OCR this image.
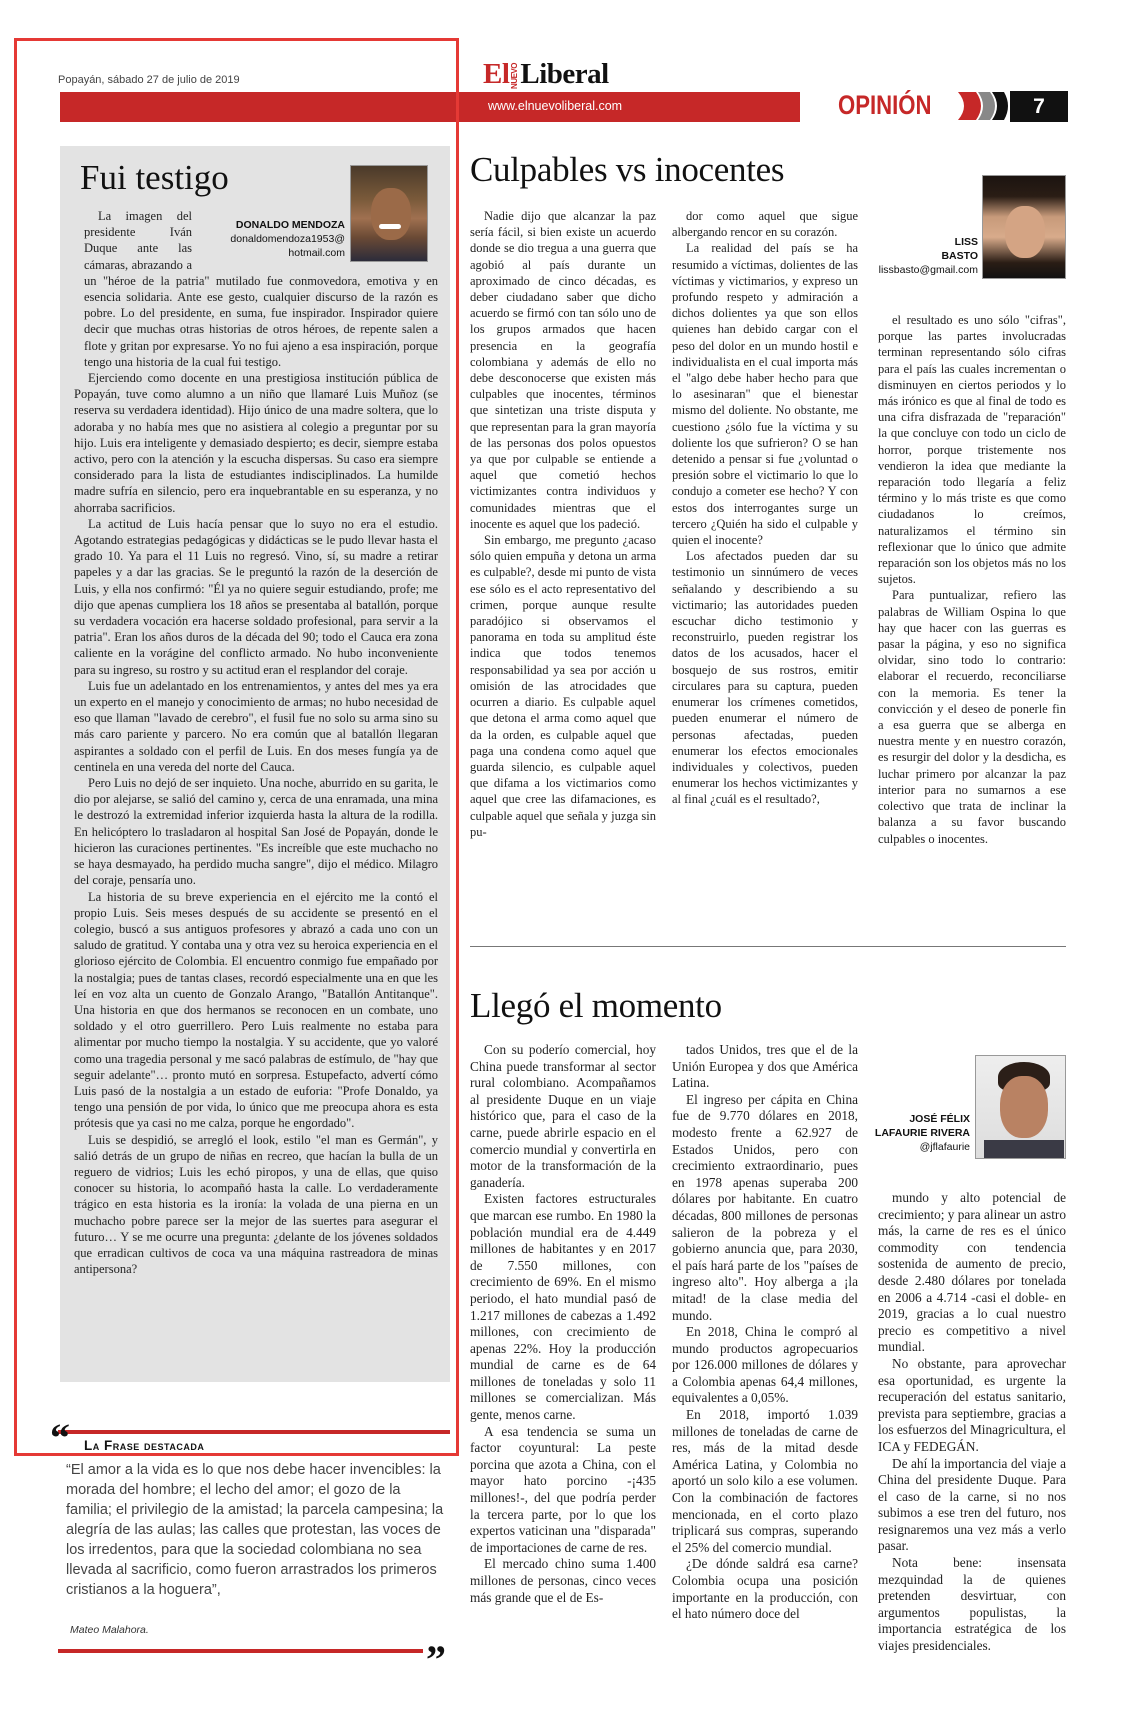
Popayán, sábado 27 de julio de 2019	ElNUEVOLiberal
www.elnuevoliberal.com	OPINIÓN	7
Fui testigo
DONALDO MENDOZA
donaldomendoza1953@ hotmail.com

La imagen del presidente Iván Duque ante las cámaras, abrazando a un "héroe de la patria" mutilado fue conmovedora, emotiva y en esencia solidaria. Ante ese gesto, cualquier discurso de la razón es pobre. Lo del presidente, en suma, fue inspirador. Inspirador quiere decir que muchas otras historias de otros héroes, de repente salen a flote y gritan por expresarse. Yo no fui ajeno a esa inspiración, porque tengo una historia de la cual fui testigo.

Ejerciendo como docente en una prestigiosa institución pública de Popayán, tuve como alumno a un niño que llamaré Luis Muñoz (se reserva su verdadera identidad). Hijo único de una madre soltera, que lo adoraba y no había mes que no asistiera al colegio a preguntar por su hijo. Luis era inteligente y demasiado despierto; es decir, siempre estaba activo, pero con la atención y la escucha dispersas. Su caso era siempre considerado para la lista de estudiantes indisciplinados. La humilde madre sufría en silencio, pero era inquebrantable en su esperanza, y no ahorraba sacrificios.

La actitud de Luis hacía pensar que lo suyo no era el estudio. Agotando estrategias pedagógicas y didácticas se le pudo llevar hasta el grado 10. Ya para el 11 Luis no regresó. Vino, sí, su madre a retirar papeles y a dar las gracias. Se le preguntó la razón de la deserción de Luis, y ella nos confirmó: "Él ya no quiere seguir estudiando, profe; me dijo que apenas cumpliera los 18 años se presentaba al batallón, porque su verdadera vocación era hacerse soldado profesional, para servir a la patria". Eran los años duros de la década del 90; todo el Cauca era zona caliente en la vorágine del conflicto armado. No hubo inconveniente para su ingreso, su rostro y su actitud eran el resplandor del coraje.

Luis fue un adelantado en los entrenamientos, y antes del mes ya era un experto en el manejo y conocimiento de armas; no hubo necesidad de eso que llaman "lavado de cerebro", el fusil fue no solo su arma sino su más caro pariente y parcero. No era común que al batallón llegaran aspirantes a soldado con el perfil de Luis. En dos meses fungía ya de centinela en una vereda del norte del Cauca.

Pero Luis no dejó de ser inquieto. Una noche, aburrido en su garita, le dio por alejarse, se salió del camino y, cerca de una enramada, una mina le destrozó la extremidad inferior izquierda hasta la altura de la rodilla. En helicóptero lo trasladaron al hospital San José de Popayán, donde le hicieron las curaciones pertinentes. "Es increíble que este muchacho no se haya desmayado, ha perdido mucha sangre", dijo el médico. Milagro del coraje, pensaría uno.

La historia de su breve experiencia en el ejército me la contó el propio Luis. Seis meses después de su accidente se presentó en el colegio, buscó a sus antiguos profesores y abrazó a cada uno con un saludo de gratitud. Y contaba una y otra vez su heroica experiencia en el glorioso ejército de Colombia. El encuentro conmigo fue empañado por la nostalgia; pues de tantas clases, recordó especialmente una en que les leí en voz alta un cuento de Gonzalo Arango, "Batallón Antitanque". Una historia en que dos hermanos se reconocen en un combate, uno soldado y el otro guerrillero. Pero Luis realmente no estaba para alimentar por mucho tiempo la nostalgia. Y su accidente, que yo valoré como una tragedia personal y me sacó palabras de estímulo, de "hay que seguir adelante"… pronto mutó en sorpresa. Estupefacto, advertí cómo Luis pasó de la nostalgia a un estado de euforia: "Profe Donaldo, ya tengo una pensión de por vida, lo único que me preocupa ahora es esta prótesis que ya casi no me calza, porque he engordado".

Luis se despidió, se arregló el look, estilo "el man es Germán", y salió detrás de un grupo de niñas en recreo, que hacían la bulla de un reguero de vidrios; Luis les echó piropos, y una de ellas, que quiso conocer su historia, lo acompañó hasta la calle. Lo verdaderamente trágico en esta historia es la ironía: la volada de una pierna en un muchacho pobre parece ser la mejor de las suertes para asegurar el futuro… Y se me ocurre una pregunta: ¿delante de los jóvenes soldados que erradican cultivos de coca va una máquina rastreadora de minas antipersona?

“ La Frase destacada
“El amor a la vida es lo que nos debe hacer invencibles: la morada del hombre; el lecho del amor; el gozo de la familia; el privilegio de la amistad; la parcela campesina; la alegría de las aulas; las calles que protestan, las voces de los irredentos, para que la sociedad colombiana no sea llevada al sacrificio, como fueron arrastrados los primeros cristianos a la hoguera”,
Mateo Malahora.
”
Culpables vs inocentes
LISS
BASTO
lissbasto@gmail.com

Nadie dijo que alcanzar la paz sería fácil, si bien existe un acuerdo donde se dio tregua a una guerra que agobió al país durante un aproximado de cinco décadas, es deber ciudadano saber que dicho acuerdo se firmó con tan sólo uno de los grupos armados que hacen presencia en la geografía colombiana y además de ello no debe desconocerse que existen más culpables que inocentes, términos que sintetizan una triste disputa y que representan para la gran mayoría de las personas dos polos opuestos ya que por culpable se entiende a aquel que cometió hechos victimizantes contra individuos y comunidades mientras que el inocente es aquel que los padeció.

Sin embargo, me pregunto ¿acaso sólo quien empuña y detona un arma es culpable?, desde mi punto de vista ese sólo es el acto representativo del crimen, porque aunque resulte paradójico si observamos el panorama en toda su amplitud éste indica que todos tenemos responsabilidad ya sea por acción u omisión de las atrocidades que ocurren a diario. Es culpable aquel que detona el arma como aquel que da la orden, es culpable aquel que paga una condena como aquel que guarda silencio, es culpable aquel que difama a los victimarios como aquel que cree las difamaciones, es culpable aquel que señala y juzga sin pu-

dor como aquel que sigue albergando rencor en su corazón.

La realidad del país se ha resumido a víctimas, dolientes de las víctimas y victimarios, y expreso un profundo respeto y admiración a dichos dolientes ya que son ellos quienes han debido cargar con el peso del dolor en un mundo hostil e individualista en el cual importa más el "algo debe haber hecho para que lo asesinaran" que el bienestar mismo del doliente. No obstante, me cuestiono ¿sólo fue la víctima y su doliente los que sufrieron? O se han detenido a pensar si fue ¿voluntad o presión sobre el victimario lo que lo condujo a cometer ese hecho? Y con estos dos interrogantes surge un tercero ¿Quién ha sido el culpable y quien el inocente?

Los afectados pueden dar su testimonio un sinnúmero de veces señalando y describiendo a su victimario; las autoridades pueden escuchar dicho testimonio y reconstruirlo, pueden registrar los datos de los acusados, hacer el bosquejo de sus rostros, emitir circulares para su captura, pueden enumerar los crímenes cometidos, pueden enumerar el número de personas afectadas, pueden enumerar los efectos emocionales individuales y colectivos, pueden enumerar los hechos victimizantes y al final ¿cuál es el resultado?,

el resultado es uno sólo "cifras", porque las partes involucradas terminan representando sólo cifras para el país las cuales incrementan o disminuyen en ciertos periodos y lo más irónico es que al final de todo es una cifra disfrazada de "reparación" la que concluye con todo un ciclo de horror, porque tristemente nos vendieron la idea que mediante la reparación todo llegaría a feliz término y lo más triste es que como ciudadanos lo creímos, naturalizamos el término sin reflexionar que lo único que admite reparación son los objetos más no los sujetos.

Para puntualizar, refiero las palabras de William Ospina lo que hay que hacer con las guerras es pasar la página, y eso no significa olvidar, sino todo lo contrario: elaborar el recuerdo, reconciliarse con la memoria. Es tener la convicción y el deseo de ponerle fin a esa guerra que se alberga en nuestra mente y en nuestro corazón, es resurgir del dolor y la desdicha, es luchar primero por alcanzar la paz interior para no sumarnos a ese colectivo que trata de inclinar la balanza a su favor buscando culpables o inocentes.

Llegó el momento
JOSÉ FÉLIX
LAFAURIE RIVERA
@jflafaurie

Con su poderío comercial, hoy China puede transformar al sector rural colombiano. Acompañamos al presidente Duque en un viaje histórico que, para el caso de la carne, puede abrirle espacio en el comercio mundial y convertirla en motor de la transformación de la ganadería.

Existen factores estructurales que marcan ese rumbo. En 1980 la población mundial era de 4.449 millones de habitantes y en 2017 de 7.550 millones, con crecimiento de 69%. En el mismo periodo, el hato mundial pasó de 1.217 millones de cabezas a 1.492 millones, con crecimiento de apenas 22%. Hoy la producción mundial de carne es de 64 millones de toneladas y solo 11 millones se comercializan. Más gente, menos carne.

A esa tendencia se suma un factor coyuntural: La peste porcina que azota a China, con el mayor hato porcino -¡435 millones!-, del que podría perder la tercera parte, por lo que los expertos vaticinan una "disparada" de importaciones de carne de res.

El mercado chino suma 1.400 millones de personas, cinco veces más grande que el de Es-

tados Unidos, tres que el de la Unión Europea y dos que América Latina.

El ingreso per cápita en China fue de 9.770 dólares en 2018, modesto frente a 62.927 de Estados Unidos, pero con crecimiento extraordinario, pues en 1978 apenas superaba 200 dólares por habitante. En cuatro décadas, 800 millones de personas salieron de la pobreza y el gobierno anuncia que, para 2030, el país hará parte de los "países de ingreso alto". Hoy alberga a ¡la mitad! de la clase media del mundo.

En 2018, China le compró al mundo productos agropecuarios por 126.000 millones de dólares y a Colombia apenas 64,4 millones, equivalentes a 0,05%.

En 2018, importó 1.039 millones de toneladas de carne de res, más de la mitad desde América Latina, y Colombia no aportó un solo kilo a ese volumen. Con la combinación de factores mencionada, en el corto plazo triplicará sus compras, superando el 25% del comercio mundial.

¿De dónde saldrá esa carne? Colombia ocupa una posición importante en la producción, con el hato número doce del

mundo y alto potencial de crecimiento; y para alinear un astro más, la carne de res es el único commodity con tendencia sostenida de aumento de precio, desde 2.480 dólares por tonelada en 2006 a 4.714 -casi el doble- en 2019, gracias a lo cual nuestro precio es competitivo a nivel mundial.

No obstante, para aprovechar esa oportunidad, es urgente la recuperación del estatus sanitario, prevista para septiembre, gracias a los esfuerzos del Minagricultura, el ICA y FEDEGÁN.

De ahí la importancia del viaje a China del presidente Duque. Para el caso de la carne, si no nos subimos a ese tren del futuro, nos resignaremos una vez más a verlo pasar.

Nota bene: insensata mezquindad la de quienes pretenden desvirtuar, con argumentos populistas, la importancia estratégica de los viajes presidenciales.
